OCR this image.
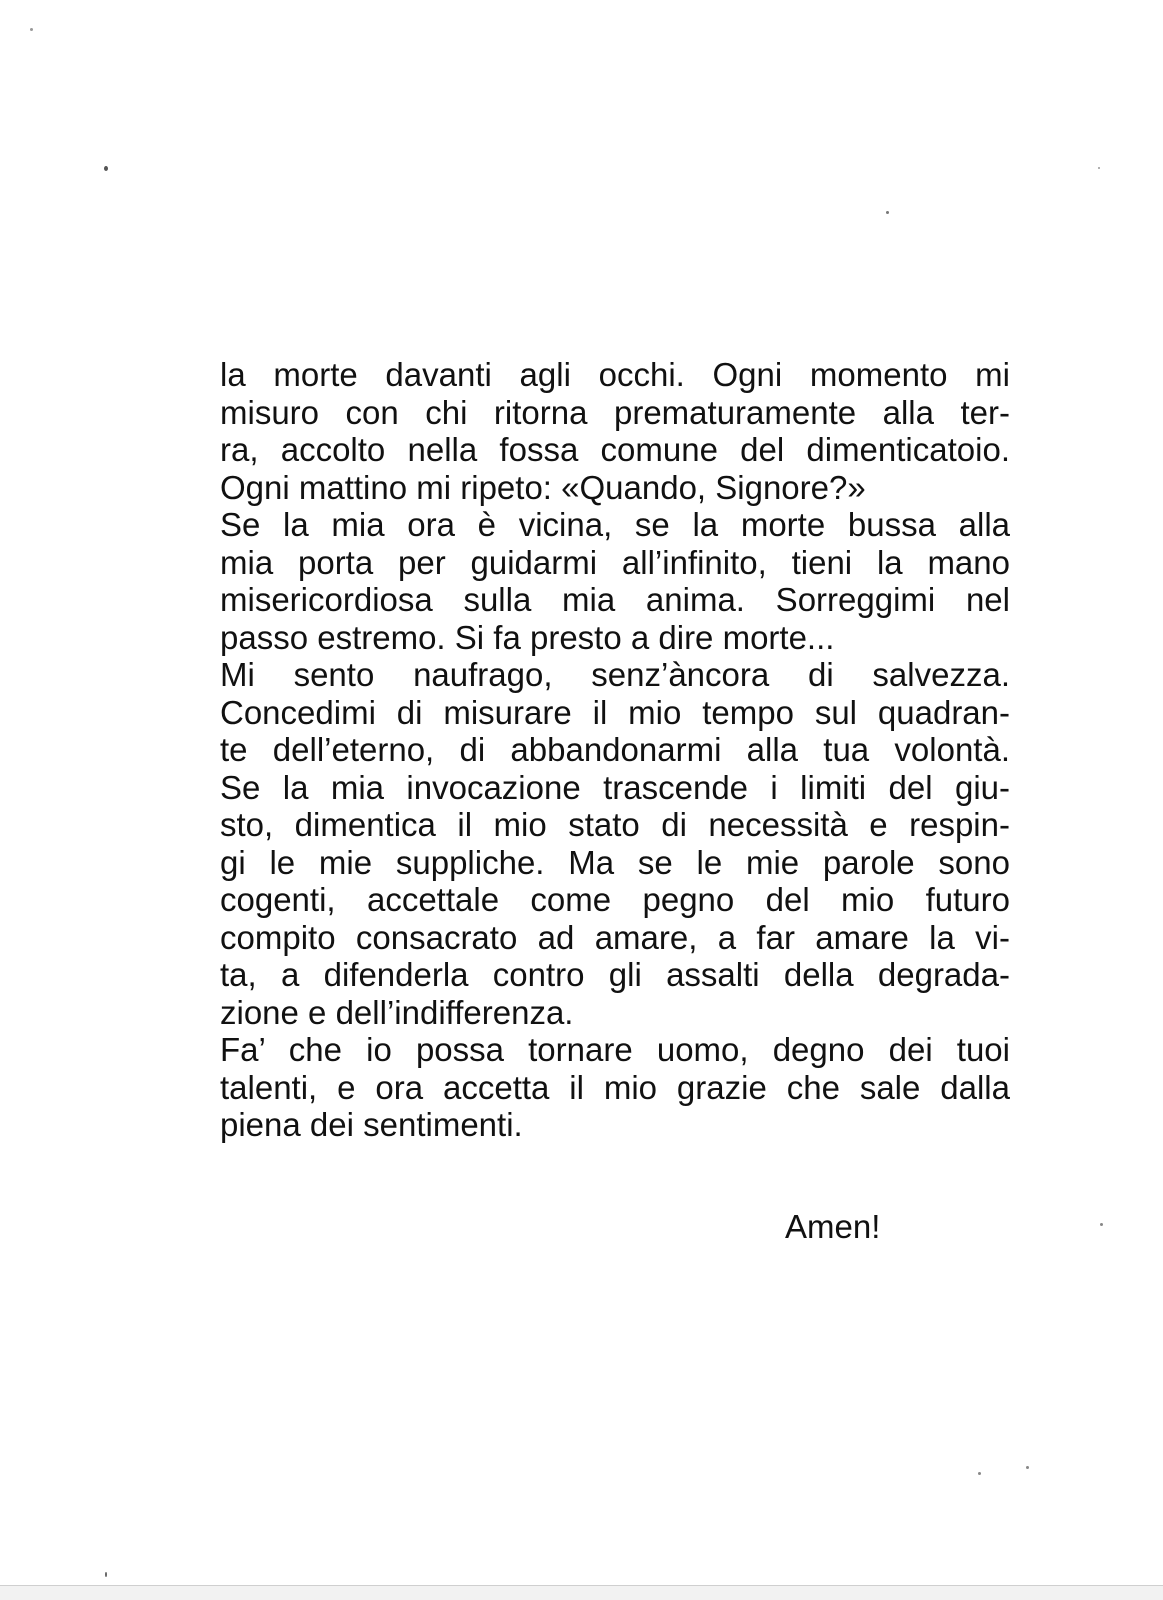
la morte davanti agli occhi. Ogni momento mi
misuro con chi ritorna prematuramente alla ter-
ra, accolto nella fossa comune del dimenticatoio.
Ogni mattino mi ripeto: «Quando, Signore?»
Se la mia ora è vicina, se la morte bussa alla
mia porta per guidarmi all’infinito, tieni la mano
misericordiosa sulla mia anima. Sorreggimi nel
passo estremo. Si fa presto a dire morte...
Mi sento naufrago, senz’àncora di salvezza.
Concedimi di misurare il mio tempo sul quadran-
te dell’eterno, di abbandonarmi alla tua volontà.
Se la mia invocazione trascende i limiti del giu-
sto, dimentica il mio stato di necessità e respin-
gi le mie suppliche. Ma se le mie parole sono
cogenti, accettale come pegno del mio futuro
compito consacrato ad amare, a far amare la vi-
ta, a difenderla contro gli assalti della degrada-
zione e dell’indifferenza.
Fa’ che io possa tornare uomo, degno dei tuoi
talenti, e ora accetta il mio grazie che sale dalla
piena dei sentimenti.
Amen!
